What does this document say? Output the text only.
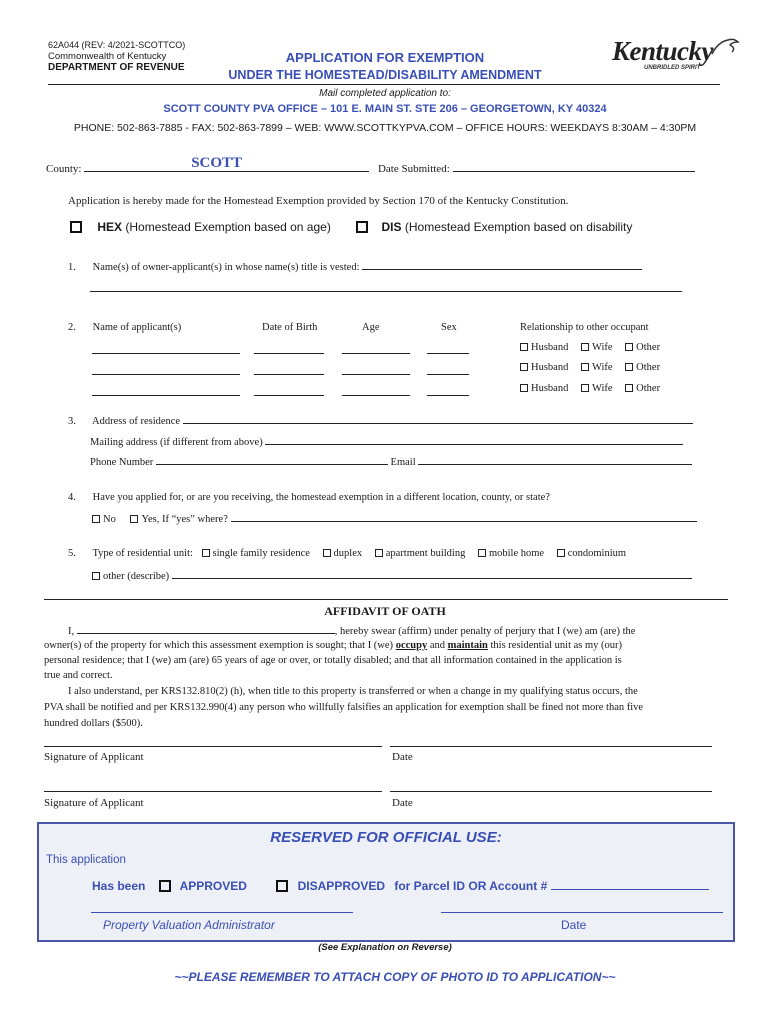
62A044 (REV: 4/2021-SCOTTCO)
Commonwealth of Kentucky
DEPARTMENT OF REVENUE
APPLICATION FOR EXEMPTION
UNDER THE HOMESTEAD/DISABILITY AMENDMENT
Kentucky
UNBRIDLED SPIRIT
Mail completed application to:
SCOTT COUNTY PVA OFFICE – 101 E. MAIN ST. STE 206 – GEORGETOWN, KY 40324
PHONE: 502-863-7885 - FAX: 502-863-7899 – WEB: WWW.SCOTTKYPVA.COM – OFFICE HOURS: WEEKDAYS 8:30AM – 4:30PM
County:	SCOTT	Date Submitted:
Application is hereby made for the Homestead Exemption provided by Section 170 of the Kentucky Constitution.
HEX (Homestead Exemption based on age)	DIS (Homestead Exemption based on disability
1. Name(s) of owner-applicant(s) in whose name(s) title is vested:
2. Name of applicant(s)	Date of Birth	Age	Sex	Relationship to other occupant
Husband Wife Other
Husband Wife Other
Husband Wife Other
3. Address of residence
Mailing address (if different from above)
Phone Number	Email
4. Have you applied for, or are you receiving, the homestead exemption in a different location, county, or state?
No Yes, If “yes” where?
5. Type of residential unit: single family residence duplex apartment building mobile home condominium
other (describe)
AFFIDAVIT OF OATH
I,	, hereby swear (affirm) under penalty of perjury that I (we) am (are) the
owner(s) of the property for which this assessment exemption is sought; that I (we) occupy and maintain this residential unit as my (our)
personal residence; that I (we) am (are) 65 years of age or over, or totally disabled; and that all information contained in the application is
true and correct.
I also understand, per KRS132.810(2) (h), when title to this property is transferred or when a change in my qualifying status occurs, the
PVA shall be notified and per KRS132.990(4) any person who willfully falsifies an application for exemption shall be fined not more than five
hundred dollars ($500).
Signature of Applicant	Date
Signature of Applicant	Date
RESERVED FOR OFFICIAL USE:
This application
Has been	APPROVED	DISAPPROVED for Parcel ID OR Account #
Property Valuation Administrator	Date
(See Explanation on Reverse)
~~PLEASE REMEMBER TO ATTACH COPY OF PHOTO ID TO APPLICATION~~
